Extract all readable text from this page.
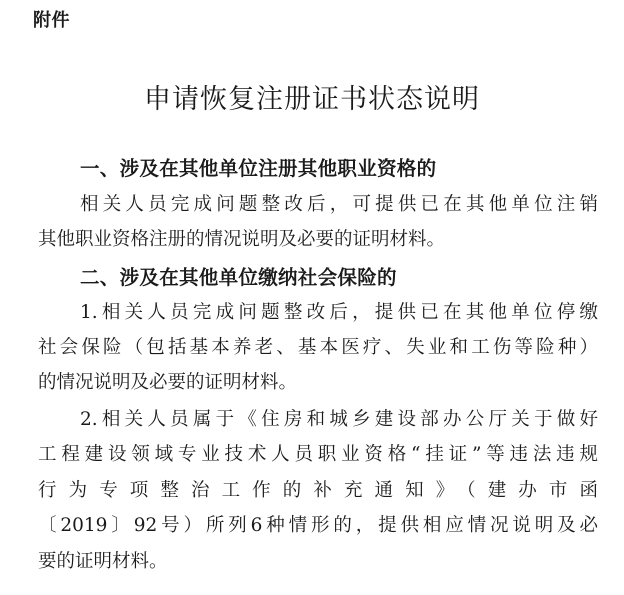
附件
申请恢复注册证书状态说明
一、涉及在其他单位注册其他职业资格的
相关人员完成问题整改后，可提供已在其他单位注销
其他职业资格注册的情况说明及必要的证明材料。
二、涉及在其他单位缴纳社会保险的
1.相关人员完成问题整改后，提供已在其他单位停缴
社会保险（包括基本养老、基本医疗、失业和工伤等险种）
的情况说明及必要的证明材料。
2.相关人员属于《住房和城乡建设部办公厅关于做好
工程建设领域专业技术人员职业资格“挂证”等违法违规
行为专项整治工作的补充通知》（建办市函
〔2019〕92号）所列6种情形的，提供相应情况说明及必
要的证明材料。
